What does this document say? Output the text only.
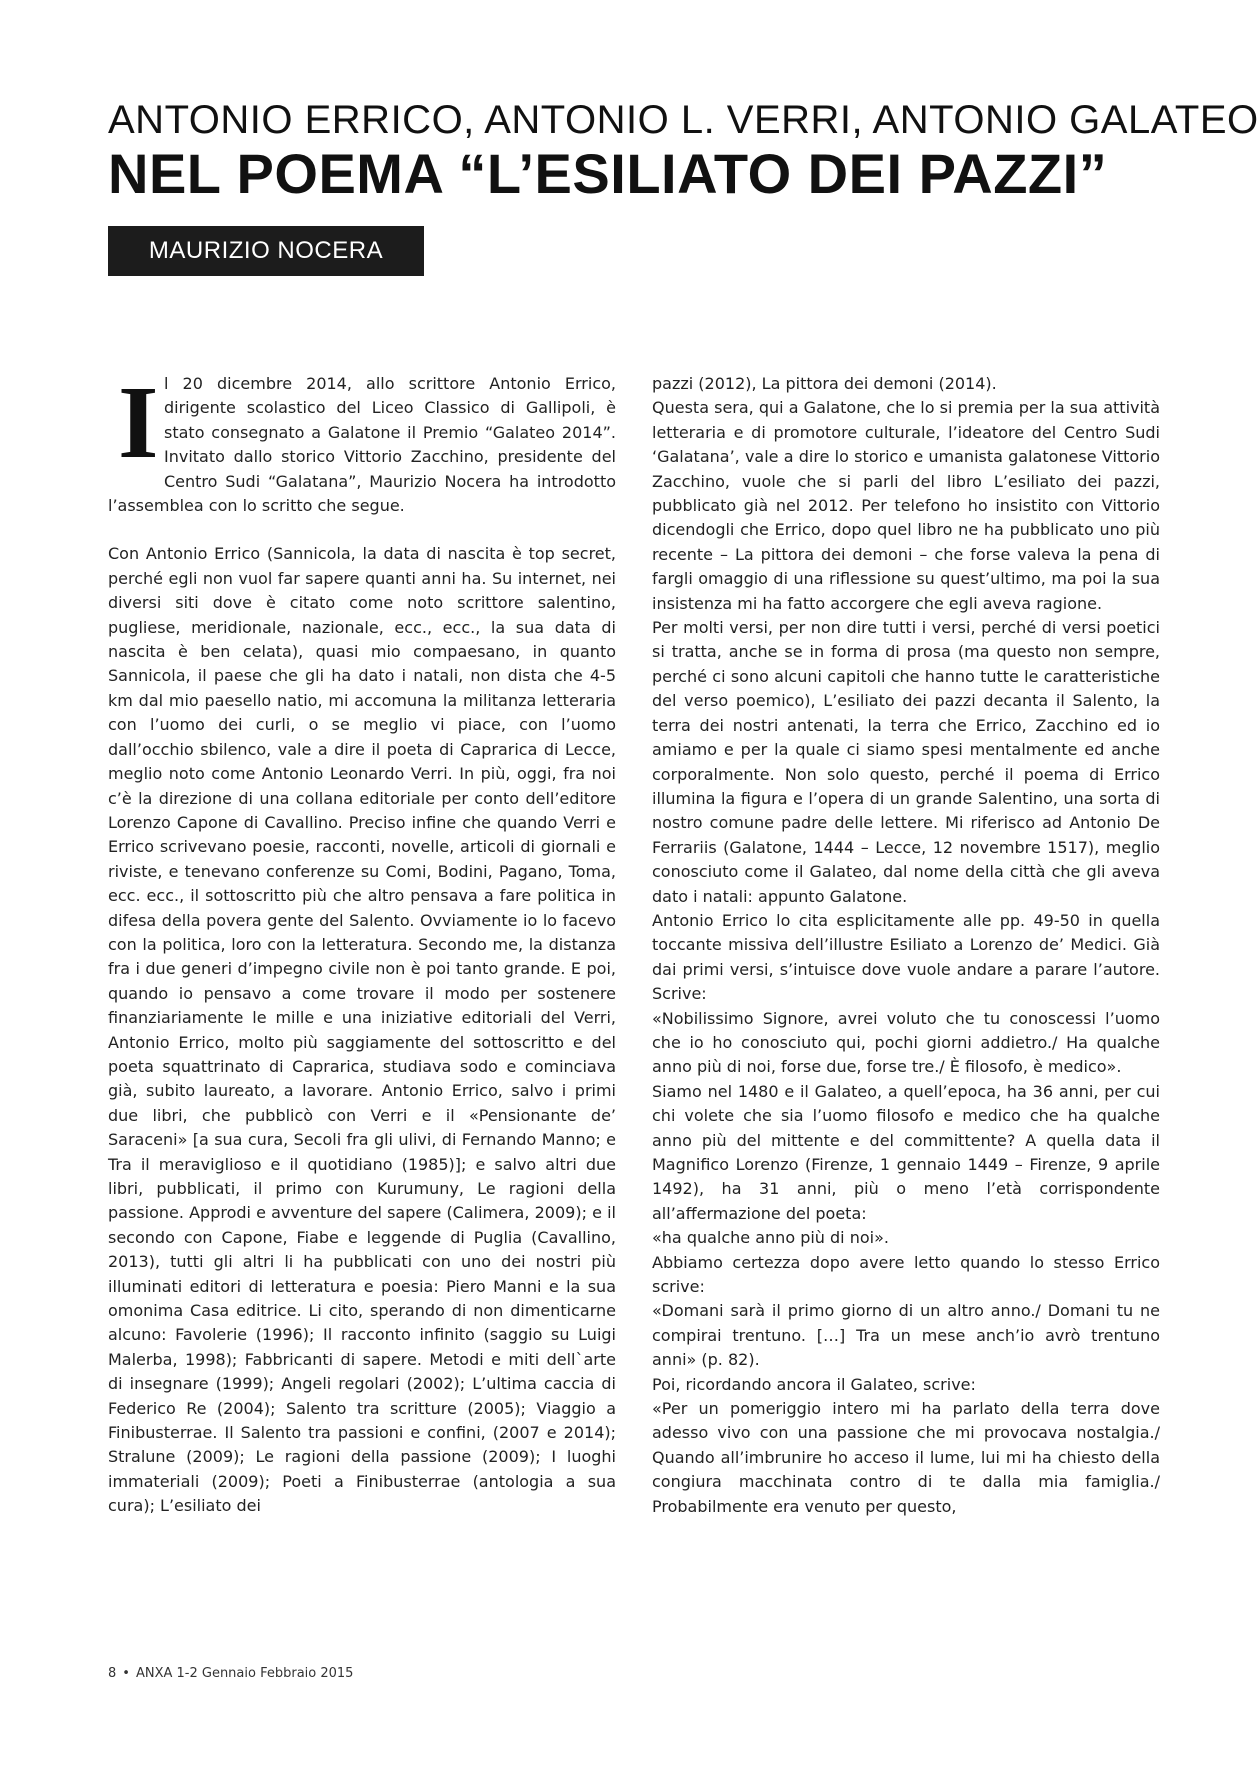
ANTONIO ERRICO, ANTONIO L. VERRI, ANTONIO GALATEO

NEL POEMA “L’ESILIATO DEI PAZZI”

MAURIZIO NOCERA

Il 20 dicembre 2014, allo scrittore Antonio Errico, dirigente scolastico del Liceo Classico di Gallipoli, è stato consegnato a Galatone il Premio “Galateo 2014”. Invitato dallo storico Vittorio Zacchino, presidente del Centro Sudi “Galatana”, Maurizio Nocera ha introdotto l’assemblea con lo scritto che segue.

Con Antonio Errico (Sannicola, la data di nascita è top secret, perché egli non vuol far sapere quanti anni ha. Su internet, nei diversi siti dove è citato come noto scrittore salentino, pugliese, meridionale, nazionale, ecc., ecc., la sua data di nascita è ben celata), quasi mio compaesano, in quanto Sannicola, il paese che gli ha dato i natali, non dista che 4-5 km dal mio paesello natio, mi accomuna la militanza letteraria con l’uomo dei curli, o se meglio vi piace, con l’uomo dall’occhio sbilenco, vale a dire il poeta di Caprarica di Lecce, meglio noto come Antonio Leonardo Verri. In più, oggi, fra noi c’è la direzione di una collana editoriale per conto dell’editore Lorenzo Capone di Cavallino. Preciso infine che quando Verri e Errico scrivevano poesie, racconti, novelle, articoli di giornali e riviste, e tenevano conferenze su Comi, Bodini, Pagano, Toma, ecc. ecc., il sottoscritto più che altro pensava a fare politica in difesa della povera gente del Salento. Ovviamente io lo facevo con la politica, loro con la letteratura. Secondo me, la distanza fra i due generi d’impegno civile non è poi tanto grande. E poi, quando io pensavo a come trovare il modo per sostenere finanziariamente le mille e una iniziative editoriali del Verri, Antonio Errico, molto più saggiamente del sottoscritto e del poeta squattrinato di Caprarica, studiava sodo e cominciava già, subito laureato, a lavorare. Antonio Errico, salvo i primi due libri, che pubblicò con Verri e il «Pensionante de’ Saraceni» [a sua cura, Secoli fra gli ulivi, di Fernando Manno; e Tra il meraviglioso e il quotidiano (1985)]; e salvo altri due libri, pubblicati, il primo con Kurumuny, Le ragioni della passione. Approdi e avventure del sapere (Calimera, 2009); e il secondo con Capone, Fiabe e leggende di Puglia (Cavallino, 2013), tutti gli altri li ha pubblicati con uno dei nostri più illuminati editori di letteratura e poesia: Piero Manni e la sua omonima Casa editrice. Li cito, sperando di non dimenticarne alcuno: Favolerie (1996); Il racconto infinito (saggio su Luigi Malerba, 1998); Fabbricanti di sapere. Metodi e miti dell`arte di insegnare (1999); Angeli regolari (2002); L’ultima caccia di Federico Re (2004); Salento tra scritture (2005); Viaggio a Finibusterrae. Il Salento tra passioni e confini, (2007 e 2014); Stralune (2009); Le ragioni della passione (2009); I luoghi immateriali (2009); Poeti a Finibusterrae (antologia a sua cura); L’esiliato dei

pazzi (2012), La pittora dei demoni (2014).

Questa sera, qui a Galatone, che lo si premia per la sua attività letteraria e di promotore culturale, l’ideatore del Centro Sudi ‘Galatana’, vale a dire lo storico e umanista galatonese Vittorio Zacchino, vuole che si parli del libro L’esiliato dei pazzi, pubblicato già nel 2012. Per telefono ho insistito con Vittorio dicendogli che Errico, dopo quel libro ne ha pubblicato uno più recente – La pittora dei demoni – che forse valeva la pena di fargli omaggio di una riflessione su quest’ultimo, ma poi la sua insistenza mi ha fatto accorgere che egli aveva ragione.

Per molti versi, per non dire tutti i versi, perché di versi poetici si tratta, anche se in forma di prosa (ma questo non sempre, perché ci sono alcuni capitoli che hanno tutte le caratteristiche del verso poemico), L’esiliato dei pazzi decanta il Salento, la terra dei nostri antenati, la terra che Errico, Zacchino ed io amiamo e per la quale ci siamo spesi mentalmente ed anche corporalmente. Non solo questo, perché il poema di Errico illumina la figura e l’opera di un grande Salentino, una sorta di nostro comune padre delle lettere. Mi riferisco ad Antonio De Ferrariis (Galatone, 1444 – Lecce, 12 novembre 1517), meglio conosciuto come il Galateo, dal nome della città che gli aveva dato i natali: appunto Galatone.

Antonio Errico lo cita esplicitamente alle pp. 49-50 in quella toccante missiva dell’illustre Esiliato a Lorenzo de’ Medici. Già dai primi versi, s’intuisce dove vuole andare a parare l’autore. Scrive:

«Nobilissimo Signore, avrei voluto che tu conoscessi l’uomo che io ho conosciuto qui, pochi giorni addietro./ Ha qualche anno più di noi, forse due, forse tre./ È filosofo, è medico».

Siamo nel 1480 e il Galateo, a quell’epoca, ha 36 anni, per cui chi volete che sia l’uomo filosofo e medico che ha qualche anno più del mittente e del committente? A quella data il Magnifico Lorenzo (Firenze, 1 gennaio 1449 – Firenze, 9 aprile 1492), ha 31 anni, più o meno l’età corrispondente all’affermazione del poeta:

«ha qualche anno più di noi».

Abbiamo certezza dopo avere letto quando lo stesso Errico scrive:

«Domani sarà il primo giorno di un altro anno./ Domani tu ne compirai trentuno. […] Tra un mese anch’io avrò trentuno anni» (p. 82).

Poi, ricordando ancora il Galateo, scrive:

«Per un pomeriggio intero mi ha parlato della terra dove adesso vivo con una passione che mi provocava nostalgia./ Quando all’imbrunire ho acceso il lume, lui mi ha chiesto della congiura macchinata contro di te dalla mia famiglia./ Probabilmente era venuto per questo,

8 • ANXA 1-2 Gennaio Febbraio 2015
